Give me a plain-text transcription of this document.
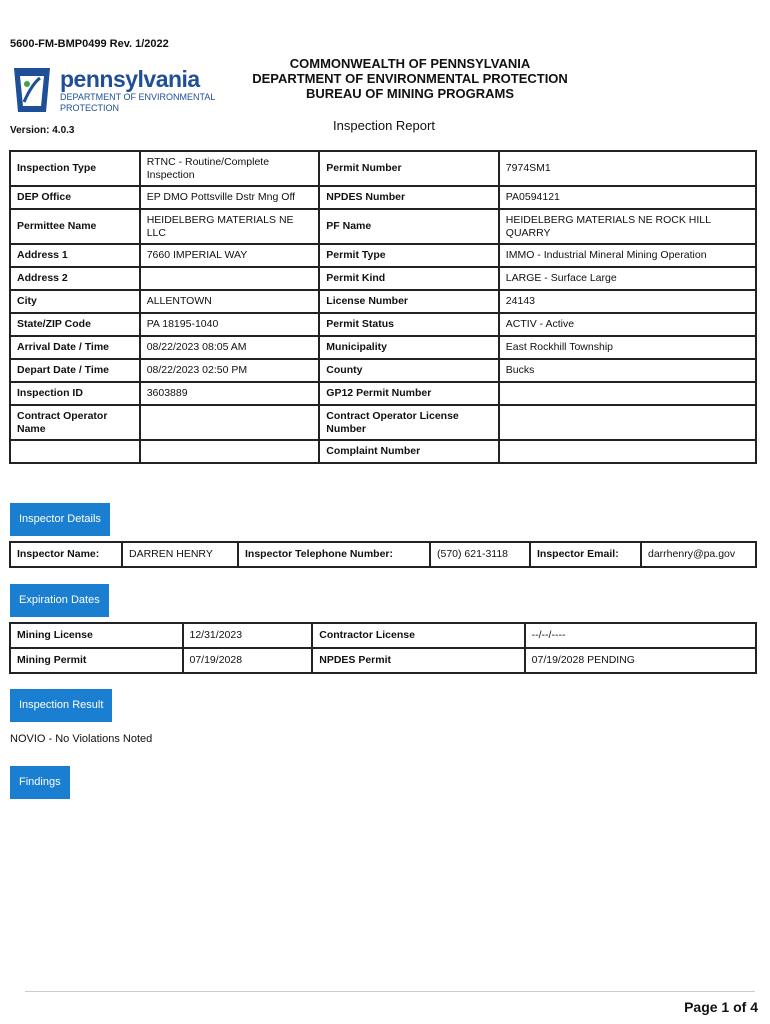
5600-FM-BMP0499 Rev. 1/2022
pennsylvania
DEPARTMENT OF ENVIRONMENTAL
PROTECTION
COMMONWEALTH OF PENNSYLVANIA
DEPARTMENT OF ENVIRONMENTAL PROTECTION
BUREAU OF MINING PROGRAMS
Version: 4.0.3	Inspection Report
Inspection Type	RTNC - Routine/Complete Inspection	Permit Number	7974SM1
DEP Office	EP DMO Pottsville Dstr Mng Off	NPDES Number	PA0594121
Permittee Name	HEIDELBERG MATERIALS NE LLC	PF Name	HEIDELBERG MATERIALS NE ROCK HILL QUARRY
Address 1	7660 IMPERIAL WAY	Permit Type	IMMO - Industrial Mineral Mining Operation
Address 2		Permit Kind	LARGE - Surface Large
City	ALLENTOWN	License Number	24143
State/ZIP Code	PA 18195-1040	Permit Status	ACTIV - Active
Arrival Date / Time	08/22/2023 08:05 AM	Municipality	East Rockhill Township
Depart Date / Time	08/22/2023 02:50 PM	County	Bucks
Inspection ID	3603889	GP12 Permit Number	
Contract Operator Name		Contract Operator License Number	
		Complaint Number	
Inspector Details
Inspector Name:	DARREN HENRY	Inspector Telephone Number:	(570) 621-3118	Inspector Email:	darrhenry@pa.gov
Expiration Dates
Mining License	12/31/2023	Contractor License	--/--/----
Mining Permit	07/19/2028	NPDES Permit	07/19/2028 PENDING
Inspection Result
NOVIO - No Violations Noted
Findings
Page 1 of 4
